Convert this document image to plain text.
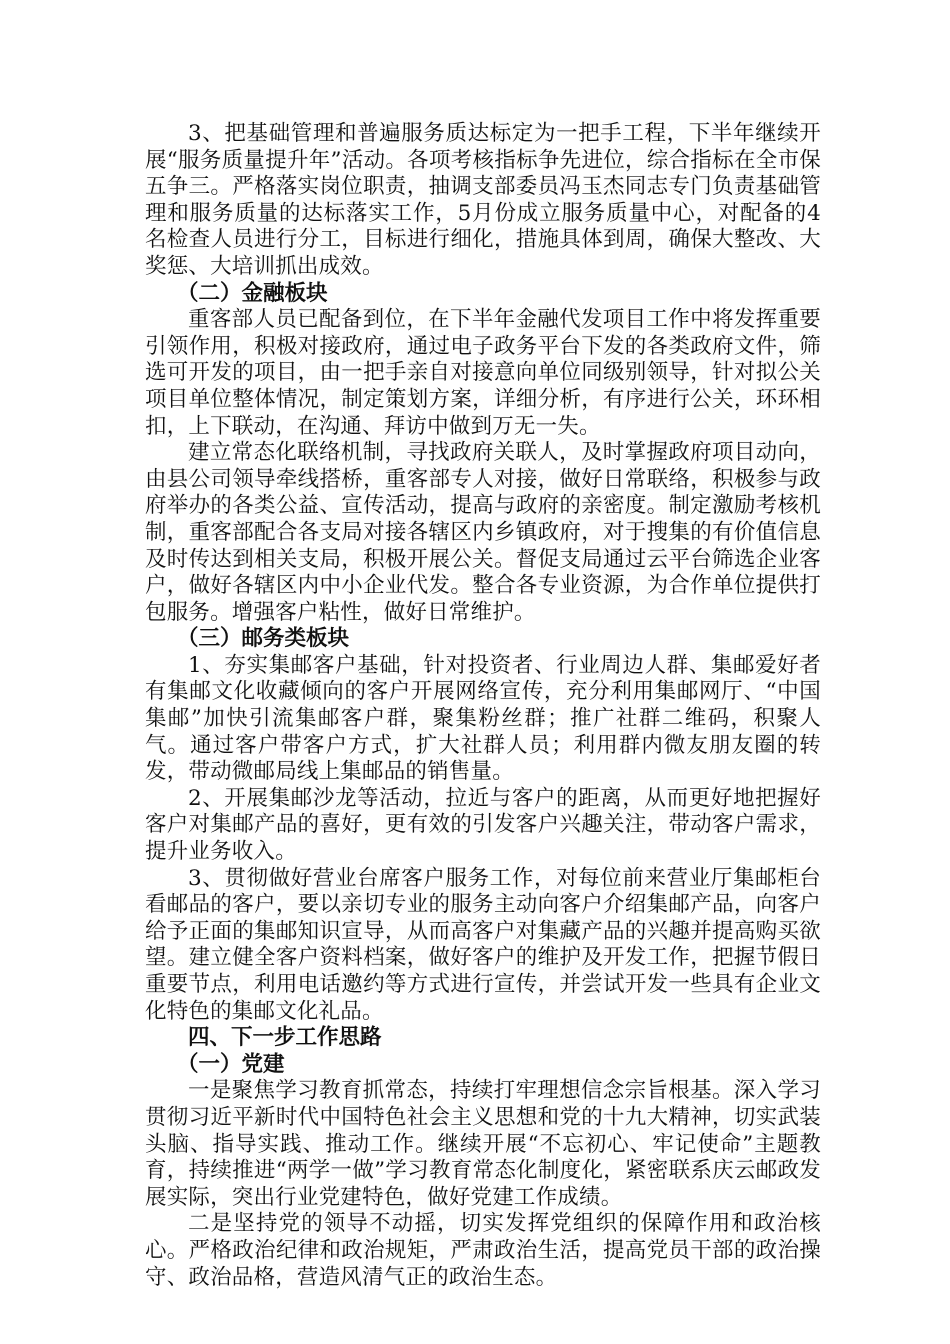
3、把基础管理和普遍服务质达标定为一把手工程，下半年继续开展“服务质量提升年”活动。各项考核指标争先进位，综合指标在全市保五争三。严格落实岗位职责，抽调支部委员冯玉杰同志专门负责基础管理和服务质量的达标落实工作，5月份成立服务质量中心，对配备的4名检查人员进行分工，目标进行细化，措施具体到周，确保大整改、大奖惩、大培训抓出成效。

（二）金融板块

重客部人员已配备到位，在下半年金融代发项目工作中将发挥重要引领作用，积极对接政府，通过电子政务平台下发的各类政府文件，筛选可开发的项目，由一把手亲自对接意向单位同级别领导，针对拟公关项目单位整体情况，制定策划方案，详细分析，有序进行公关，环环相扣，上下联动，在沟通、拜访中做到万无一失。

建立常态化联络机制，寻找政府关联人，及时掌握政府项目动向，由县公司领导牵线搭桥，重客部专人对接，做好日常联络，积极参与政府举办的各类公益、宣传活动，提高与政府的亲密度。制定激励考核机制，重客部配合各支局对接各辖区内乡镇政府，对于搜集的有价值信息及时传达到相关支局，积极开展公关。督促支局通过云平台筛选企业客户，做好各辖区内中小企业代发。整合各专业资源，为合作单位提供打包服务。增强客户粘性，做好日常维护。

（三）邮务类板块

1、夯实集邮客户基础，针对投资者、行业周边人群、集邮爱好者有集邮文化收藏倾向的客户开展网络宣传，充分利用集邮网厅、“中国集邮”加快引流集邮客户群，聚集粉丝群；推广社群二维码，积聚人气。通过客户带客户方式，扩大社群人员；利用群内微友朋友圈的转发，带动微邮局线上集邮品的销售量。

2、开展集邮沙龙等活动，拉近与客户的距离，从而更好地把握好客户对集邮产品的喜好，更有效的引发客户兴趣关注，带动客户需求，提升业务收入。

3、贯彻做好营业台席客户服务工作，对每位前来营业厅集邮柜台看邮品的客户，要以亲切专业的服务主动向客户介绍集邮产品，向客户给予正面的集邮知识宣导，从而高客户对集藏产品的兴趣并提高购买欲望。建立健全客户资料档案，做好客户的维护及开发工作，把握节假日重要节点，利用电话邀约等方式进行宣传，并尝试开发一些具有企业文化特色的集邮文化礼品。

四、下一步工作思路

（一）党建

一是聚焦学习教育抓常态，持续打牢理想信念宗旨根基。深入学习贯彻习近平新时代中国特色社会主义思想和党的十九大精神，切实武装头脑、指导实践、推动工作。继续开展“不忘初心、牢记使命”主题教育，持续推进“两学一做”学习教育常态化制度化，紧密联系庆云邮政发展实际，突出行业党建特色，做好党建工作成绩。

二是坚持党的领导不动摇，切实发挥党组织的保障作用和政治核心。严格政治纪律和政治规矩，严肃政治生活，提高党员干部的政治操守、政治品格，营造风清气正的政治生态。
